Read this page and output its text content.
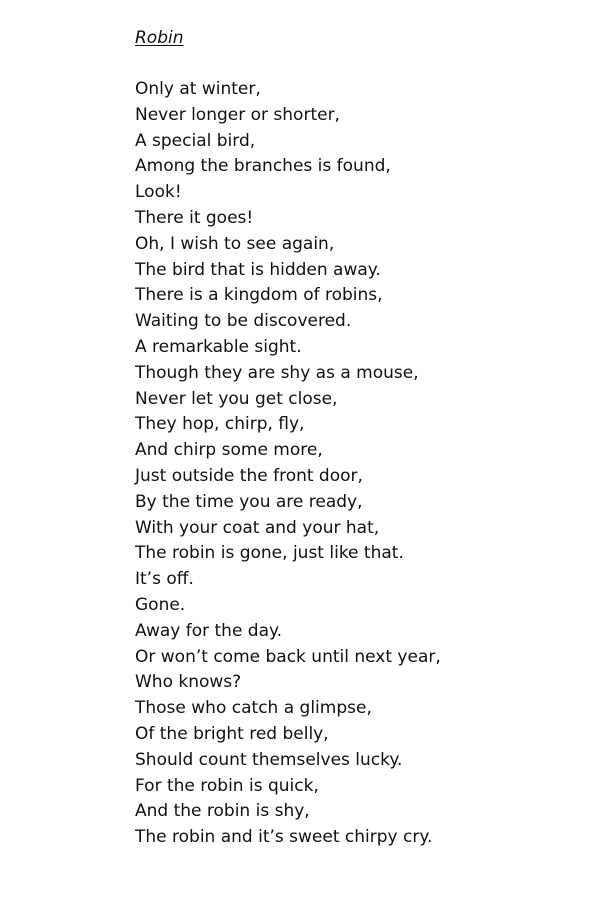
Robin
Only at winter,
Never longer or shorter,
A special bird,
Among the branches is found,
Look!
There it goes!
Oh, I wish to see again,
The bird that is hidden away.
There is a kingdom of robins,
Waiting to be discovered.
A remarkable sight.
Though they are shy as a mouse,
Never let you get close,
They hop, chirp, fly,
And chirp some more,
Just outside the front door,
By the time you are ready,
With your coat and your hat,
The robin is gone, just like that.
It’s off.
Gone.
Away for the day.
Or won’t come back until next year,
Who knows?
Those who catch a glimpse,
Of the bright red belly,
Should count themselves lucky.
For the robin is quick,
And the robin is shy,
The robin and it’s sweet chirpy cry.
